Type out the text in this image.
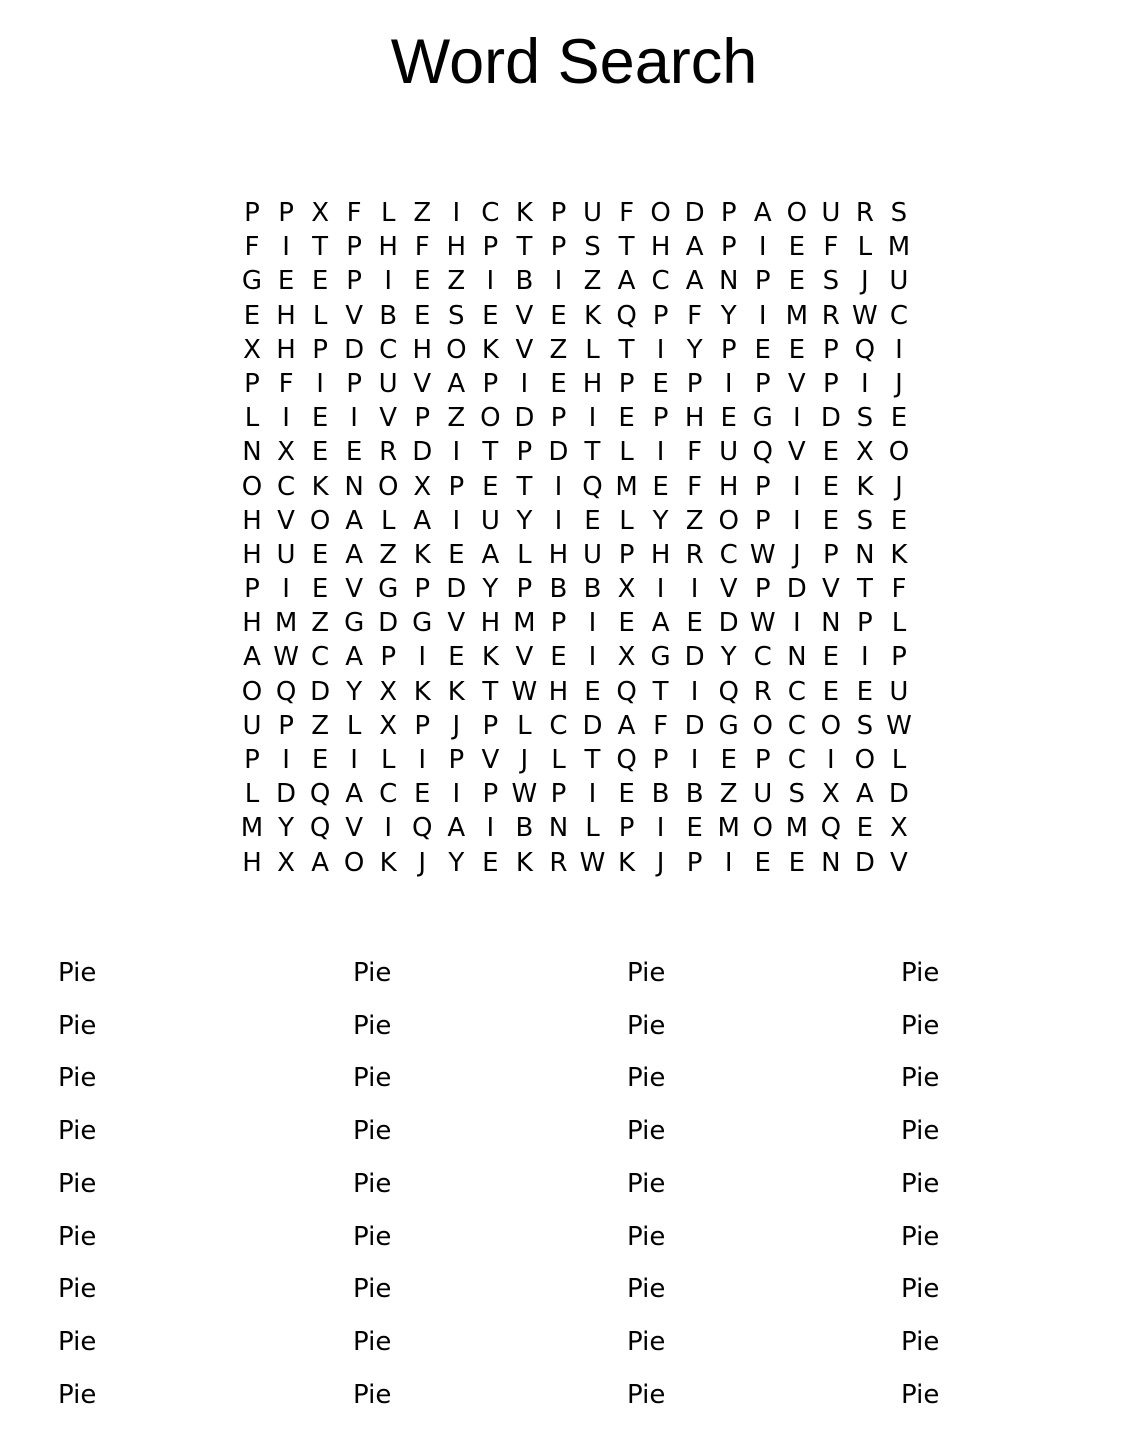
Word Search
P P X F L Z I C K P U F O D P A O U R S
F I T P H F H P T P S T H A P I E F L M
G E E P I E Z I B I Z A C A N P E S J U
E H L V B E S E V E K Q P F Y I M R W C
X H P D C H O K V Z L T I Y P E E P Q I
P F I P U V A P I E H P E P I P V P I	J
L I E I V P Z O D P I E P H E G I D S E
N X E E R D I T P D T L I F U Q V E X O
O C K N O X P E T I Q M E F H P I E K J
H V O A L A I U Y I E L Y Z O P I E S E
H U E A Z K E A L H U P H R C W J P N K
P I E V G P D Y P B B X I	I V P D V T F
H M Z G D G V H M P I E A E D W I N P L
A W C A P I E K V E I X G D Y C N E I P
O Q D Y X K K T W H E Q T I Q R C E E U
U P Z L X P J P L C D A F D G O C O S W
P I E I L I P V J L T Q P I E P C I O L
L D Q A C E I P W P I E B B Z U S X A D
M Y Q V I Q A I B N L P I E M O M Q E X
H X A O K J Y E K R W K J P I E E N D V
Pie
Pie
Pie
Pie
Pie
Pie
Pie
Pie
Pie
Pie
Pie
Pie
Pie
Pie
Pie
Pie
Pie
Pie
Pie
Pie
Pie
Pie
Pie
Pie
Pie
Pie
Pie
Pie
Pie
Pie
Pie
Pie
Pie
Pie
Pie
Pie
